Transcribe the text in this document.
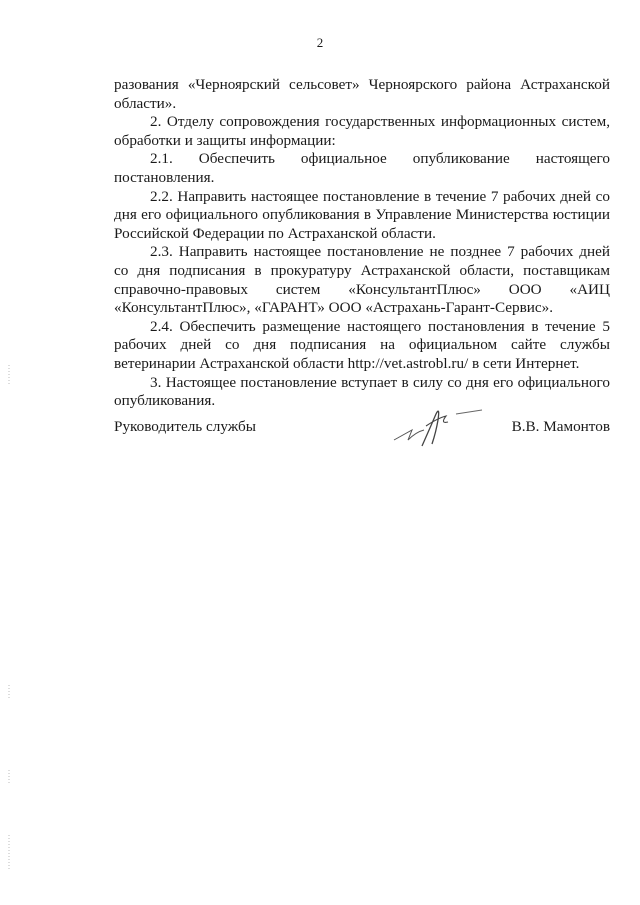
2

разования «Черноярский сельсовет» Черноярского района Астраханской области».

2. Отделу сопровождения государственных информационных систем, обработки и защиты информации:

2.1. Обеспечить официальное опубликование настоящего постановления.

2.2. Направить настоящее постановление в течение 7 рабочих дней со дня его официального опубликования в Управление Министерства юстиции Российской Федерации по Астраханской области.

2.3. Направить настоящее постановление не позднее 7 рабочих дней со дня подписания в прокуратуру Астраханской области, поставщикам справочно-правовых систем «КонсультантПлюс» ООО «АИЦ «КонсультантПлюс», «ГАРАНТ» ООО «Астрахань-Гарант-Сервис».

2.4. Обеспечить размещение настоящего постановления в течение 5 рабочих дней со дня подписания на официальном сайте службы ветеринарии Астраханской области http://vet.astrobl.ru/ в сети Интернет.

3. Настоящее постановление вступает в силу со дня его официального опубликования.

Руководитель службы	В.В. Мамонтов
